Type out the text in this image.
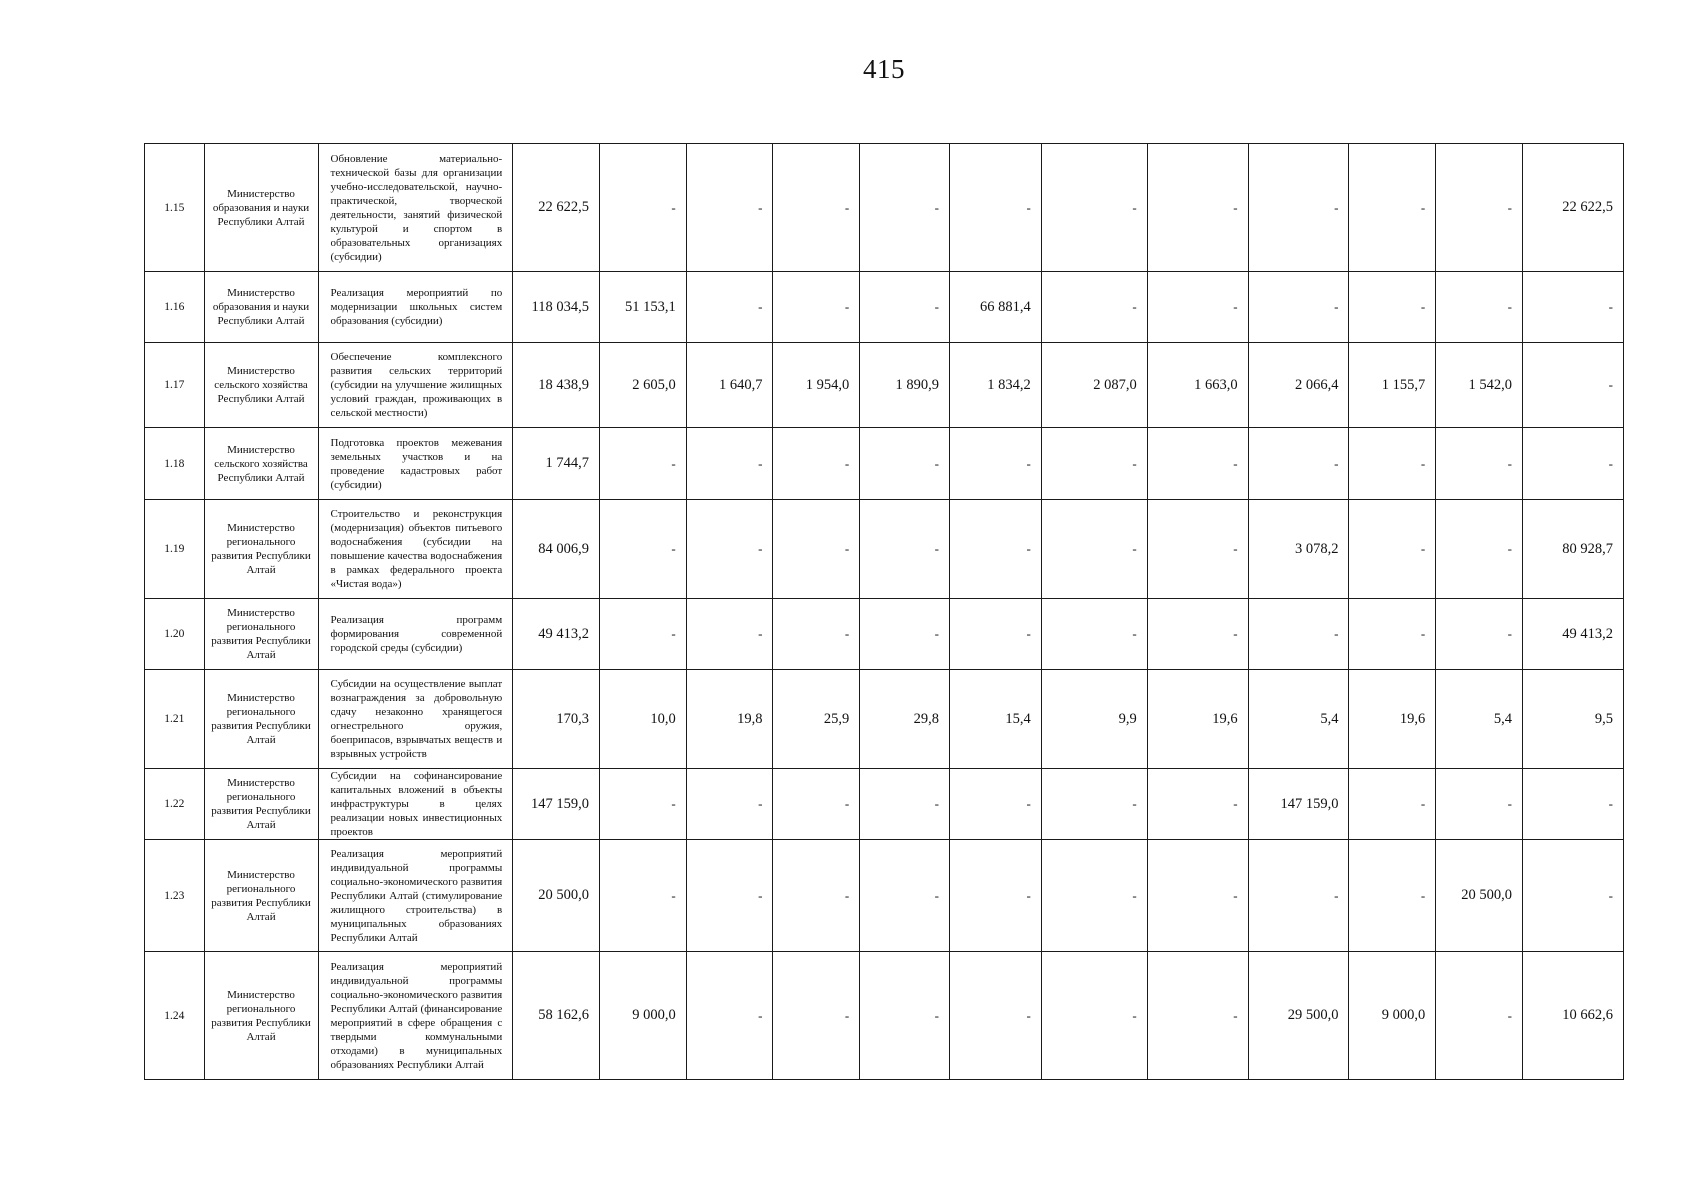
415
1.15	Министерство образования и науки Республики Алтай	Обновление материально-технической базы для организации учебно-исследовательской, научно-практической, творческой деятельности, занятий физической культурой и спортом в образовательных организациях (субсидии)	22 622,5	-	-	-	-	-	-	-	-	-	-	22 622,5
1.16	Министерство образования и науки Республики Алтай	Реализация мероприятий по модернизации школьных систем образования (субсидии)	118 034,5	51 153,1	-	-	-	66 881,4	-	-	-	-	-	-
1.17	Министерство сельского хозяйства Республики Алтай	Обеспечение комплексного развития сельских территорий (субсидии на улучшение жилищных условий граждан, проживающих в сельской местности)	18 438,9	2 605,0	1 640,7	1 954,0	1 890,9	1 834,2	2 087,0	1 663,0	2 066,4	1 155,7	1 542,0	-
1.18	Министерство сельского хозяйства Республики Алтай	Подготовка проектов межевания земельных участков и на проведение кадастровых работ (субсидии)	1 744,7	-	-	-	-	-	-	-	-	-	-	-
1.19	Министерство регионального развития Республики Алтай	Строительство и реконструкция (модернизация) объектов питьевого водоснабжения (субсидии на повышение качества водоснабжения в рамках федерального проекта «Чистая вода»)	84 006,9	-	-	-	-	-	-	-	3 078,2	-	-	80 928,7
1.20	Министерство регионального развития Республики Алтай	Реализация программ формирования современной городской среды (субсидии)	49 413,2	-	-	-	-	-	-	-	-	-	-	49 413,2
1.21	Министерство регионального развития Республики Алтай	Субсидии на осуществление выплат вознаграждения за добровольную сдачу незаконно хранящегося огнестрельного оружия, боеприпасов, взрывчатых веществ и взрывных устройств	170,3	10,0	19,8	25,9	29,8	15,4	9,9	19,6	5,4	19,6	5,4	9,5
1.22	Министерство регионального развития Республики Алтай	Субсидии на софинансирование капитальных вложений в объекты инфраструктуры в целях реализации новых инвестиционных проектов	147 159,0	-	-	-	-	-	-	-	147 159,0	-	-	-
1.23	Министерство регионального развития Республики Алтай	Реализация мероприятий индивидуальной программы социально-экономического развития Республики Алтай (стимулирование жилищного строительства) в муниципальных образованиях Республики Алтай	20 500,0	-	-	-	-	-	-	-	-	-	20 500,0	-
1.24	Министерство регионального развития Республики Алтай	Реализация мероприятий индивидуальной программы социально-экономического развития Республики Алтай (финансирование мероприятий в сфере обращения с твердыми коммунальными отходами) в муниципальных образованиях Республики Алтай	58 162,6	9 000,0	-	-	-	-	-	-	29 500,0	9 000,0	-	10 662,6
